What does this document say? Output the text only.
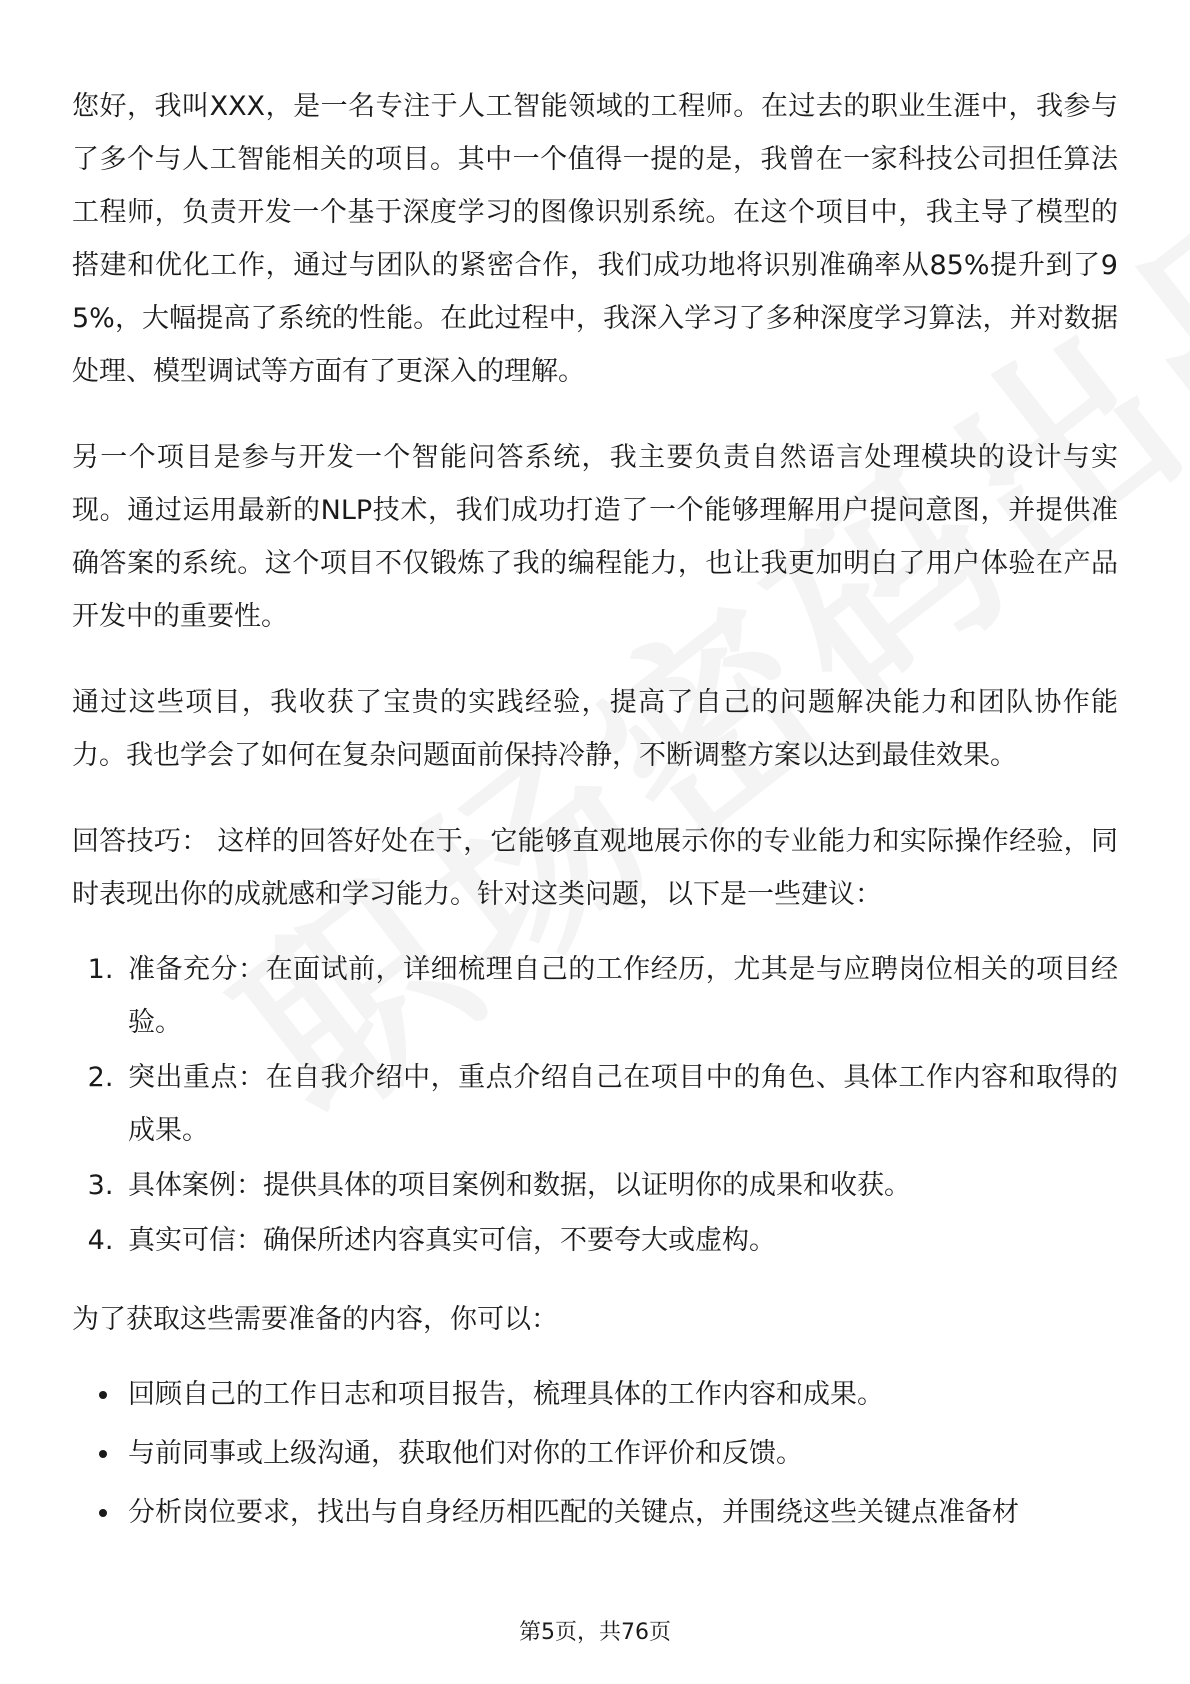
您好，我叫XXX，是一名专注于人工智能领域的工程师。在过去的职业生涯中，我参与了多个与人工智能相关的项目。其中一个值得一提的是，我曾在一家科技公司担任算法工程师，负责开发一个基于深度学习的图像识别系统。在这个项目中，我主导了模型的搭建和优化工作，通过与团队的紧密合作，我们成功地将识别准确率从85%提升到了95%，大幅提高了系统的性能。在此过程中，我深入学习了多种深度学习算法，并对数据处理、模型调试等方面有了更深入的理解。

另一个项目是参与开发一个智能问答系统，我主要负责自然语言处理模块的设计与实现。通过运用最新的NLP技术，我们成功打造了一个能够理解用户提问意图，并提供准确答案的系统。这个项目不仅锻炼了我的编程能力，也让我更加明白了用户体验在产品开发中的重要性。

通过这些项目，我收获了宝贵的实践经验，提高了自己的问题解决能力和团队协作能力。我也学会了如何在复杂问题面前保持冷静，不断调整方案以达到最佳效果。

回答技巧： 这样的回答好处在于，它能够直观地展示你的专业能力和实际操作经验，同时表现出你的成就感和学习能力。针对这类问题，以下是一些建议：

1. 准备充分：在面试前，详细梳理自己的工作经历，尤其是与应聘岗位相关的项目经验。
2. 突出重点：在自我介绍中，重点介绍自己在项目中的角色、具体工作内容和取得的成果。
3. 具体案例：提供具体的项目案例和数据，以证明你的成果和收获。
4. 真实可信：确保所述内容真实可信，不要夸大或虚构。

为了获取这些需要准备的内容，你可以：

• 回顾自己的工作日志和项目报告，梳理具体的工作内容和成果。
• 与前同事或上级沟通，获取他们对你的工作评价和反馈。
• 分析岗位要求，找出与自身经历相匹配的关键点，并围绕这些关键点准备材
第5页，共76页
